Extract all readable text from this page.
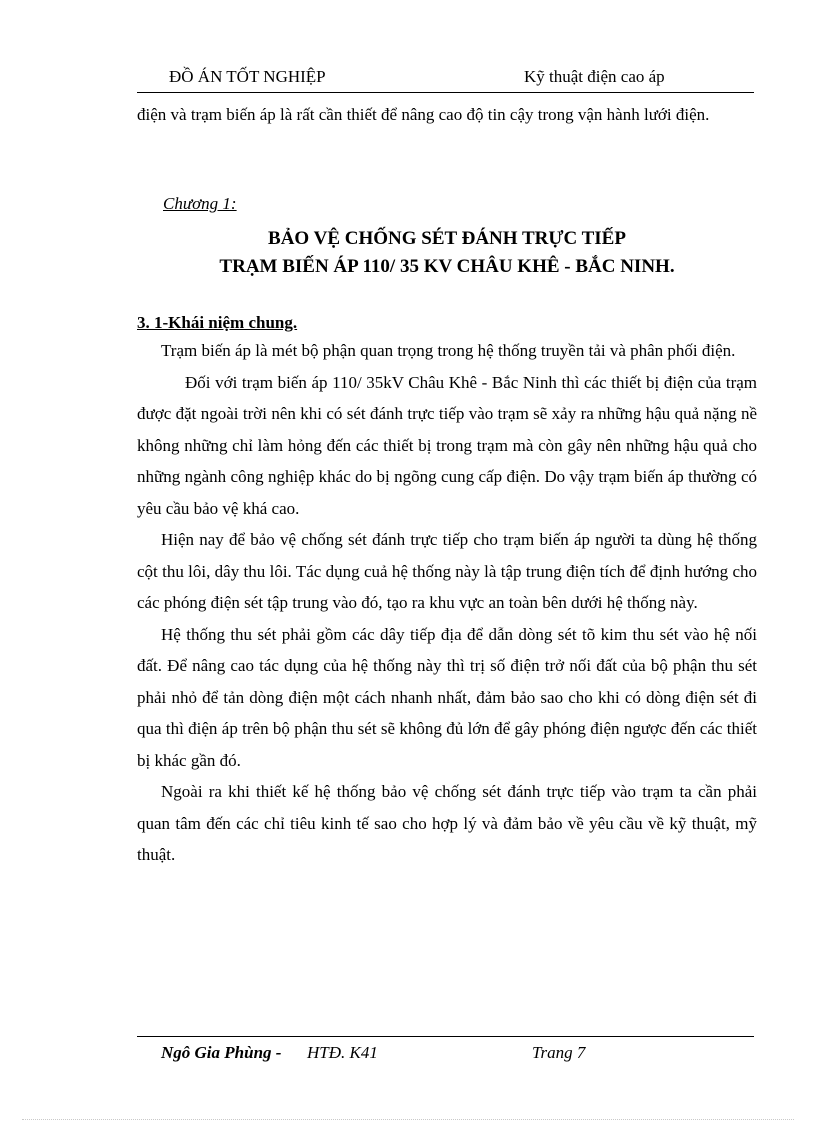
ĐỒ ÁN TỐT NGHIỆP	Kỹ thuật điện cao áp

điện và trạm biến áp là rất cần thiết để nâng cao độ tin cậy trong vận hành lưới điện.

Chương 1:
BẢO VỆ CHỐNG SÉT ĐÁNH TRỰC TIẾP
TRẠM BIẾN ÁP 110/ 35 KV CHÂU KHÊ - BẮC NINH.
3. 1-Khái niệm chung.

Trạm biến áp là mét bộ phận quan trọng trong hệ thống truyền tải và phân phối điện.

Đối với trạm biến áp 110/ 35kV Châu Khê - Bắc Ninh thì các thiết bị điện của trạm được đặt ngoài trời nên khi có sét đánh trực tiếp vào trạm sẽ xảy ra những hậu quả nặng nề không những chỉ làm hỏng đến các thiết bị trong trạm mà còn gây nên những hậu quả cho những ngành công nghiệp khác do bị ngõng cung cấp điện. Do vậy trạm biến áp thường có yêu cầu bảo vệ khá cao.

Hiện nay để bảo vệ chống sét đánh trực tiếp cho trạm biến áp người ta dùng hệ thống cột thu lôi, dây thu lôi. Tác dụng cuả hệ thống này là tập trung điện tích để định hướng cho các phóng điện sét tập trung vào đó, tạo ra khu vực an toàn bên dưới hệ thống này.

Hệ thống thu sét phải gồm các dây tiếp địa để dẫn dòng sét tõ kim thu sét vào hệ nối đất. Để nâng cao tác dụng của hệ thống này thì trị số điện trở nối đất của bộ phận thu sét phải nhỏ để tản dòng điện một cách nhanh nhất, đảm bảo sao cho khi có dòng điện sét đi qua thì điện áp trên bộ phận thu sét sẽ không đủ lớn để gây phóng điện ngược đến các thiết bị khác gần đó.

Ngoài ra khi thiết kế hệ thống bảo vệ chống sét đánh trực tiếp vào trạm ta cần phải quan tâm đến các chỉ tiêu kinh tế sao cho hợp lý và đảm bảo về yêu cầu về kỹ thuật, mỹ thuật.

Ngô Gia Phùng - HTĐ. K41	Trang 7
